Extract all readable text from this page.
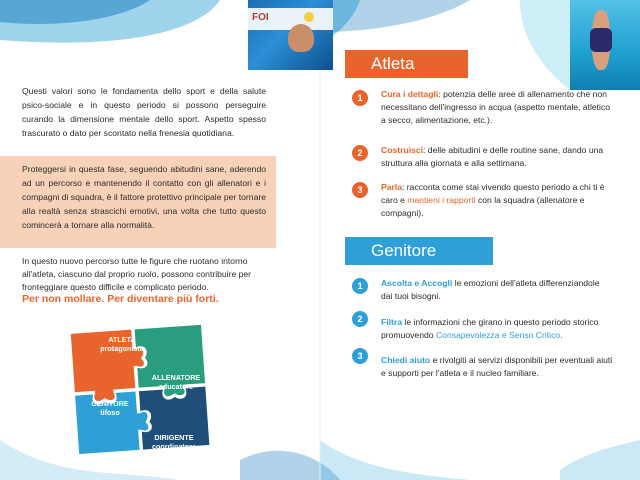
FOI
Questi valori sono le fondamenta dello sport e della salute psico-sociale e in questo periodo si possono perseguire curando la dimensione mentale dello sport. Aspetto spesso trascurato o dato per scontato nella frenesia quotidiana.
Proteggersi in questa fase, seguendo abitudini sane, aderendo ad un percorso e mantenendo il contatto con gli allenatori e i compagni di squadra, è il fattore protettivo principale per tornare alla realtà senza strascichi emotivi, una volta che tutto questo comincerà a tornare alla normalità.
In questo nuovo percorso tutte le figure che ruotano intorno all'atleta, ciascuno dal proprio ruolo, possono contribuire per fronteggiare questo difficile e complicato periodo.
Per non mollare. Per diventare più forti.
ATLETA
protagonista
ALLENATORE
educatore
GENITORE
tifoso
DIRIGENTE
coordinatore
Atleta
1	Cura i dettagli: potenzia delle aree di allenamento che non necessitano dell'ingresso in acqua (aspetto mentale, atletico a secco, alimentazione, etc.).
2	Costruisci: delle abitudini e delle routine sane, dando una struttura alla giornata e alla settimana.
3	Parla: racconta come stai vivendo questo periodo a chi ti è caro e mantieni i rapporti con la squadra (allenatore e compagni).
Genitore
1	Ascolta e Accogli le emozioni dell'atleta differenziandole dai tuoi bisogni.
2	Filtra le informazioni che girano in questo periodo storico promuovendo Consapevolezza e Senso Critico.
3	Chiedi aiuto e rivolgiti ai servizi disponibili per eventuali aiuti e supporti per l'atleta e il nucleo familiare.
